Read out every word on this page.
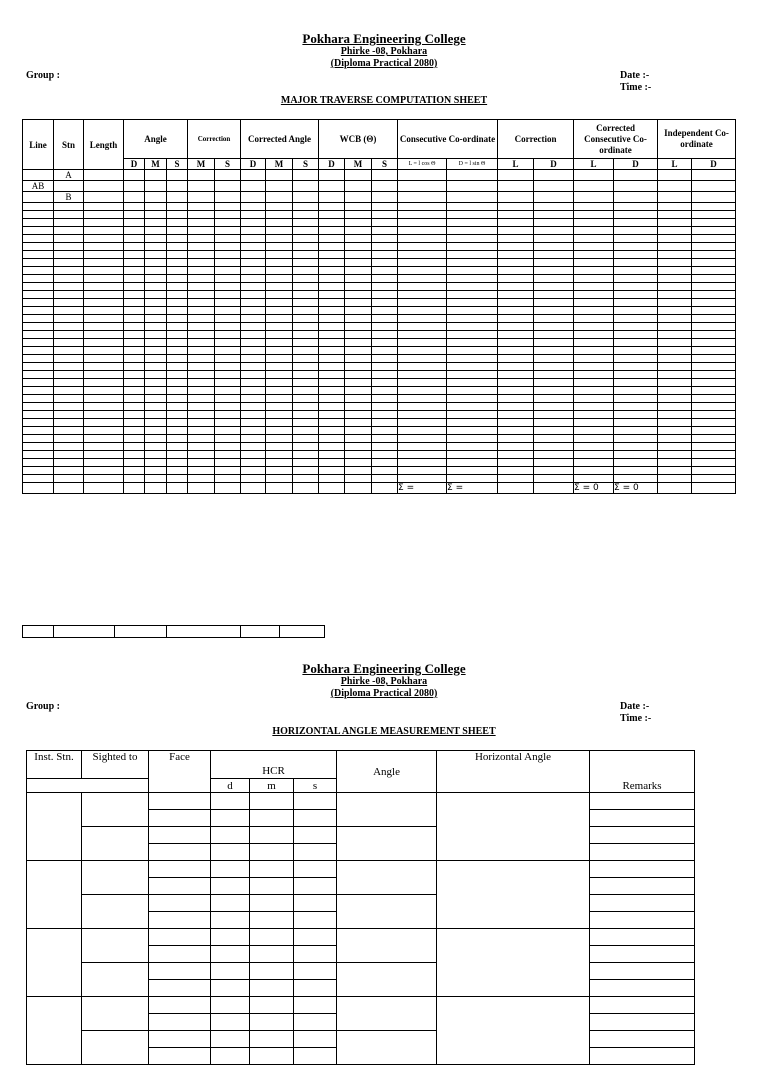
Pokhara Engineering College
Phirke -08, Pokhara
(Diploma Practical 2080)
Group :	Date :-
Time :-
MAJOR TRAVERSE COMPUTATION SHEET
Line	Stn	Length	Angle			Correction		Corrected Angle			WCB (Θ)			Consecutive Co-ordinate		Correction		Corrected Consecutive Co-ordinate		Independent Co-ordinate	
			D	M	S	M	S	D	M	S	D	M	S	L = l cos Θ	D = l sin Θ	L	D	L	D	L	D
	A																				
AB																					
	B																				

														Σ =	Σ =			Σ = 0	Σ = 0		

Pokhara Engineering College
Phirke -08, Pokhara
(Diploma Practical 2080)
Group :	Date :-
Time :-
HORIZONTAL ANGLE MEASUREMENT SHEET
Inst. Stn.	Sighted to	Face				Angle	Horizontal Angle	Remarks
			HCR					
			d	m	s			
